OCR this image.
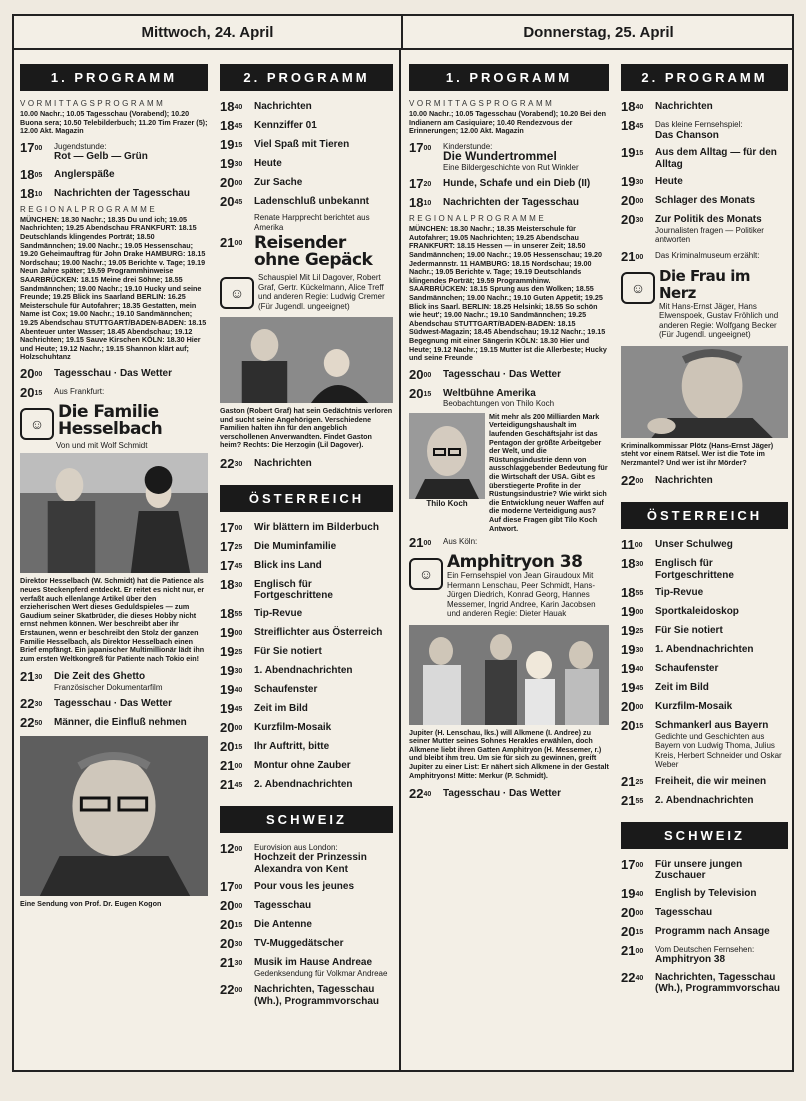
Mittwoch, 24. April	Donnerstag, 25. April
1. PROGRAMM
VORMITTAGSPROGRAMM
10.00 Nachr.; 10.05 Tagesschau (Vorabend); 10.20 Buona sera; 10.50 Telebilderbuch; 11.20 Tim Frazer (5); 12.00 Akt. Magazin
$17^{00}$	Jugendstunde:
Rot — Gelb — Grün
$18^{05}$	Anglerspäße
$18^{10}$	Nachrichten der Tagesschau
REGIONALPROGRAMME
MÜNCHEN: 18.30 Nachr.; 18.35 Du und ich; 19.05 Nachrichten; 19.25 Abendschau FRANKFURT: 18.15 Deutschlands klingendes Porträt; 18.50 Sandmännchen; 19.00 Nachr.; 19.05 Hessenschau; 19.20 Geheimauftrag für John Drake HAMBURG: 18.15 Nordschau; 19.00 Nachr.; 19.05 Berichte v. Tage; 19.19 Neun Jahre später; 19.59 Programmhinweise SAARBRÜCKEN: 18.15 Meine drei Söhne; 18.55 Sandmännchen; 19.00 Nachr.; 19.10 Hucky und seine Freunde; 19.25 Blick ins Saarland BERLIN: 16.25 Meisterschule für Autofahrer; 18.35 Gestatten, mein Name ist Cox; 19.00 Nachr.; 19.10 Sandmännchen; 19.25 Abendschau STUTTGART/BADEN-BADEN: 18.15 Abenteuer unter Wasser; 18.45 Abendschau; 19.12 Nachrichten; 19.15 Sauve Kirschen KÖLN: 18.30 Hier und Heute; 19.12 Nachr.; 19.15 Shannon klärt auf; Holzschuhtanz
$20^{00}$	Tagesschau · Das Wetter
$20^{15}$	Aus Frankfurt:
☺
Die Familie Hesselbach
Von und mit Wolf Schmidt
Direktor Hesselbach (W. Schmidt) hat die Patience als neues Steckenpferd entdeckt. Er reitet es nicht nur, er verfaßt auch ellenlange Artikel über den erzieherischen Wert dieses Geduldspieles — zum Gaudium seiner Skatbrüder, die dieses Hobby nicht ernst nehmen können. Wer beschreibt aber ihr Erstaunen, wenn er beschreibt den Stolz der ganzen Familie Hesselbach, als Direktor Hesselbach einen Brief empfängt. Ein japanischer Multimillionär lädt ihn zum ersten Weltkongreß für Patiente nach Tokio ein!
$21^{30}$	Die Zeit des Ghetto
Französischer Dokumentarfilm
$22^{30}$	Tagesschau · Das Wetter
$22^{50}$	Männer, die Einfluß nehmen
Eine Sendung von Prof. Dr. Eugen Kogon
2. PROGRAMM
$18^{40}$	Nachrichten
$18^{45}$	Kennziffer 01
$19^{15}$	Viel Spaß mit Tieren
$19^{30}$	Heute
$20^{00}$	Zur Sache
$20^{45}$	Ladenschluß unbekannt
Renate Harpprecht berichtet aus Amerika
$21^{00}$ Reisender ohne Gepäck
☺
Schauspiel Mit Lil Dagover, Robert Graf, Gertr. Kückelmann, Alice Treff und anderen Regie: Ludwig Cremer (Für Jugendl. ungeeignet)
Gaston (Robert Graf) hat sein Gedächtnis verloren und sucht seine Angehörigen. Verschiedene Familien halten ihn für den angeblich verschollenen Anverwandten. Findet Gaston heim? Rechts: Die Herzogin (Lil Dagover).
$22^{30}$	Nachrichten
ÖSTERREICH
$17^{00}$	Wir blättern im Bilderbuch
$17^{25}$	Die Muminfamilie
$17^{45}$	Blick ins Land
$18^{30}$	Englisch für Fortgeschrittene
$18^{55}$	Tip-Revue
$19^{00}$	Streiflichter aus Österreich
$19^{25}$	Für Sie notiert
$19^{30}$	1. Abendnachrichten
$19^{40}$	Schaufenster
$19^{45}$	Zeit im Bild
$20^{00}$	Kurzfilm-Mosaik
$20^{15}$	Ihr Auftritt, bitte
$21^{00}$	Montur ohne Zauber
$21^{45}$	2. Abendnachrichten
SCHWEIZ
$12^{00}$	Eurovision aus London:
Hochzeit der Prinzessin Alexandra von Kent
$17^{00}$	Pour vous les jeunes
$20^{00}$	Tagesschau
$20^{15}$	Die Antenne
$20^{30}$	TV-Muggedätscher
$21^{30}$	Musik im Hause Andreae
Gedenksendung für Volkmar Andreae
$22^{00}$	Nachrichten, Tagesschau (Wh.), Programmvorschau
1. PROGRAMM
VORMITTAGSPROGRAMM
10.00 Nachr.; 10.05 Tagesschau (Vorabend); 10.20 Bei den Indianern am Casiquiare; 10.40 Rendezvous der Erinnerungen; 12.00 Akt. Magazin
$17^{00}$	Kinderstunde:
Die Wundertrommel
Eine Bildergeschichte von Rut Winkler
$17^{20}$	Hunde, Schafe und ein Dieb (II)
$18^{10}$	Nachrichten der Tagesschau
REGIONALPROGRAMME
MÜNCHEN: 18.30 Nachr.; 18.35 Meisterschule für Autofahrer; 19.05 Nachrichten; 19.25 Abendschau FRANKFURT: 18.15 Hessen — in unserer Zeit; 18.50 Sandmännchen; 19.00 Nachr.; 19.05 Hessenschau; 19.20 Jedermannstr. 11 HAMBURG: 18.15 Nordschau; 19.00 Nachr.; 19.05 Berichte v. Tage; 19.19 Deutschlands klingendes Porträt; 19.59 Programmhinw. SAARBRÜCKEN: 18.15 Sprung aus den Wolken; 18.55 Sandmännchen; 19.00 Nachr.; 19.10 Guten Appetit; 19.25 Blick ins Saarl. BERLIN: 18.25 Helsinki; 18.55 So schön wie heut'; 19.00 Nachr.; 19.10 Sandmännchen; 19.25 Abendschau STUTTGART/BADEN-BADEN: 18.15 Südwest-Magazin; 18.45 Abendschau; 19.12 Nachr.; 19.15 Begegnung mit einer Sängerin KÖLN: 18.30 Hier und Heute; 19.12 Nachr.; 19.15 Mutter ist die Allerbeste; Hucky und seine Freunde
$20^{00}$	Tagesschau · Das Wetter
$20^{15}$	Weltbühne Amerika
Beobachtungen von Thilo Koch
Thilo Koch
Mit mehr als 200 Milliarden Mark Verteidigungshaushalt im laufenden Geschäftsjahr ist das Pentagon der größte Arbeitgeber der Welt, und die Rüstungsindustrie denn von ausschlaggebender Bedeutung für die Wirtschaft der USA. Gibt es überstiegerte Profite in der Rüstungsindustrie? Wie wirkt sich die Entwicklung neuer Waffen auf die moderne Verteidigung aus? Auf diese Fragen gibt Tilo Koch Antwort.
$21^{00}$	Aus Köln:
☺
Amphitryon 38
Ein Fernsehspiel von Jean Giraudoux Mit Hermann Lenschau, Peer Schmidt, Hans-Jürgen Diedrich, Konrad Georg, Hannes Messemer, Ingrid Andree, Karin Jacobsen und anderen Regie: Dieter Hauak
Jupiter (H. Lenschau, lks.) will Alkmene (I. Andree) zu seiner Mutter seines Sohnes Herakles erwählen, doch Alkmene liebt ihren Gatten Amphitryon (H. Messemer, r.) und bleibt ihm treu. Um sie für sich zu gewinnen, greift Jupiter zu einer List: Er nähert sich Alkmene in der Gestalt Amphitryons! Mitte: Merkur (P. Schmidt).
$22^{40}$	Tagesschau · Das Wetter
2. PROGRAMM
$18^{40}$	Nachrichten
$18^{45}$	Das kleine Fernsehspiel:
Das Chanson
$19^{15}$	Aus dem Alltag — für den Alltag
$19^{30}$	Heute
$20^{00}$	Schlager des Monats
$20^{30}$	Zur Politik des Monats
Journalisten fragen — Politiker antworten
$21^{00}$	Das Kriminalmuseum erzählt:
☺
Die Frau im Nerz
Mit Hans-Ernst Jäger, Hans Elwenspoek, Gustav Fröhlich und anderen Regie: Wolfgang Becker (Für Jugendl. ungeeignet)
Kriminalkommissar Plötz (Hans-Ernst Jäger) steht vor einem Rätsel. Wer ist die Tote im Nerzmantel? Und wer ist ihr Mörder?
$22^{00}$	Nachrichten
ÖSTERREICH
$11^{00}$	Unser Schulweg
$18^{30}$	Englisch für Fortgeschrittene
$18^{55}$	Tip-Revue
$19^{00}$	Sportkaleidoskop
$19^{25}$	Für Sie notiert
$19^{30}$	1. Abendnachrichten
$19^{40}$	Schaufenster
$19^{45}$	Zeit im Bild
$20^{00}$	Kurzfilm-Mosaik
$20^{15}$	Schmankerl aus Bayern
Gedichte und Geschichten aus Bayern von Ludwig Thoma, Julius Kreis, Herbert Schneider und Oskar Weber
$21^{25}$	Freiheit, die wir meinen
$21^{55}$	2. Abendnachrichten
SCHWEIZ
$17^{00}$	Für unsere jungen Zuschauer
$19^{40}$	English by Television
$20^{00}$	Tagesschau
$20^{15}$	Programm nach Ansage
$21^{00}$	Vom Deutschen Fernsehen:
Amphitryon 38
$22^{40}$	Nachrichten, Tagesschau (Wh.), Programmvorschau
